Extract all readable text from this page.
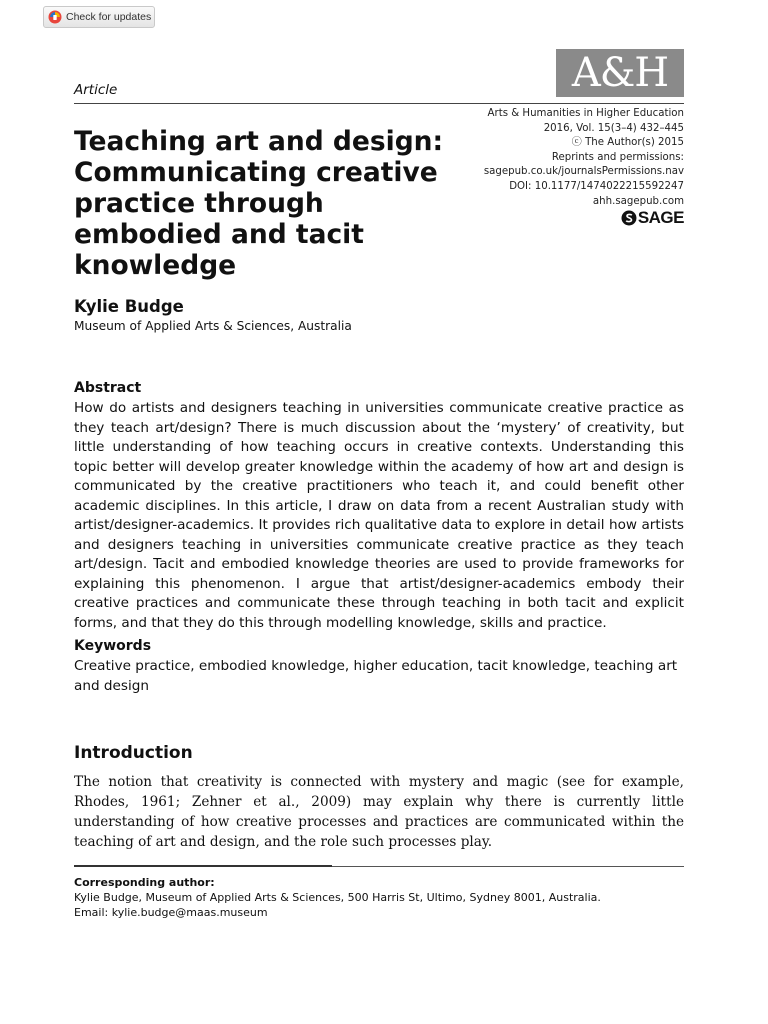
Check for updates
A&H
Article
Arts & Humanities in Higher Education
2016, Vol. 15(3–4) 432–445
ⓒ The Author(s) 2015
Reprints and permissions:
sagepub.co.uk/journalsPermissions.nav
DOI: 10.1177/1474022215592247
ahh.sagepub.com
SAGE
Teaching art and design: Communicating creative practice through embodied and tacit knowledge
Kylie Budge
Museum of Applied Arts & Sciences, Australia
Abstract
How do artists and designers teaching in universities communicate creative practice as they teach art/design? There is much discussion about the ‘mystery’ of creativity, but little understanding of how teaching occurs in creative contexts. Understanding this topic better will develop greater knowledge within the academy of how art and design is communicated by the creative practitioners who teach it, and could benefit other academic disciplines. In this article, I draw on data from a recent Australian study with artist/designer-academics. It provides rich qualitative data to explore in detail how artists and designers teaching in universities communicate creative practice as they teach art/design. Tacit and embodied knowledge theories are used to provide frameworks for explaining this phenomenon. I argue that artist/designer-academics embody their creative practices and communicate these through teaching in both tacit and explicit forms, and that they do this through modelling knowledge, skills and practice.
Keywords
Creative practice, embodied knowledge, higher education, tacit knowledge, teaching art and design
Introduction
The notion that creativity is connected with mystery and magic (see for example, Rhodes, 1961; Zehner et al., 2009) may explain why there is currently little understanding of how creative processes and practices are communicated within the teaching of art and design, and the role such processes play.
Corresponding author:
Kylie Budge, Museum of Applied Arts & Sciences, 500 Harris St, Ultimo, Sydney 8001, Australia.
Email: kylie.budge@maas.museum
